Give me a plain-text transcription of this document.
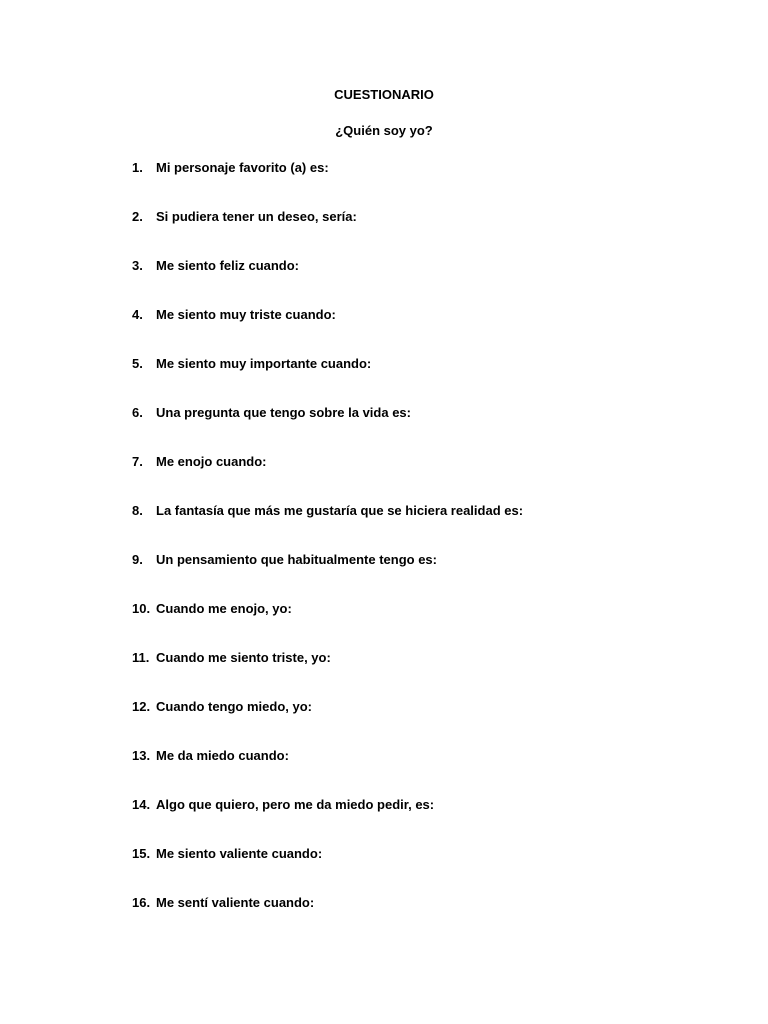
CUESTIONARIO
¿Quién soy yo?
1. Mi personaje favorito (a) es:
2. Si pudiera tener un deseo, sería:
3. Me siento feliz cuando:
4. Me siento muy triste cuando:
5. Me siento muy importante cuando:
6. Una pregunta que tengo sobre la vida es:
7. Me enojo cuando:
8. La fantasía que más me gustaría que se hiciera realidad es:
9. Un pensamiento que habitualmente tengo es:
10. Cuando me enojo, yo:
11. Cuando me siento triste, yo:
12. Cuando tengo miedo, yo:
13. Me da miedo cuando:
14. Algo que quiero, pero me da miedo pedir, es:
15. Me siento valiente cuando:
16. Me sentí valiente cuando:
